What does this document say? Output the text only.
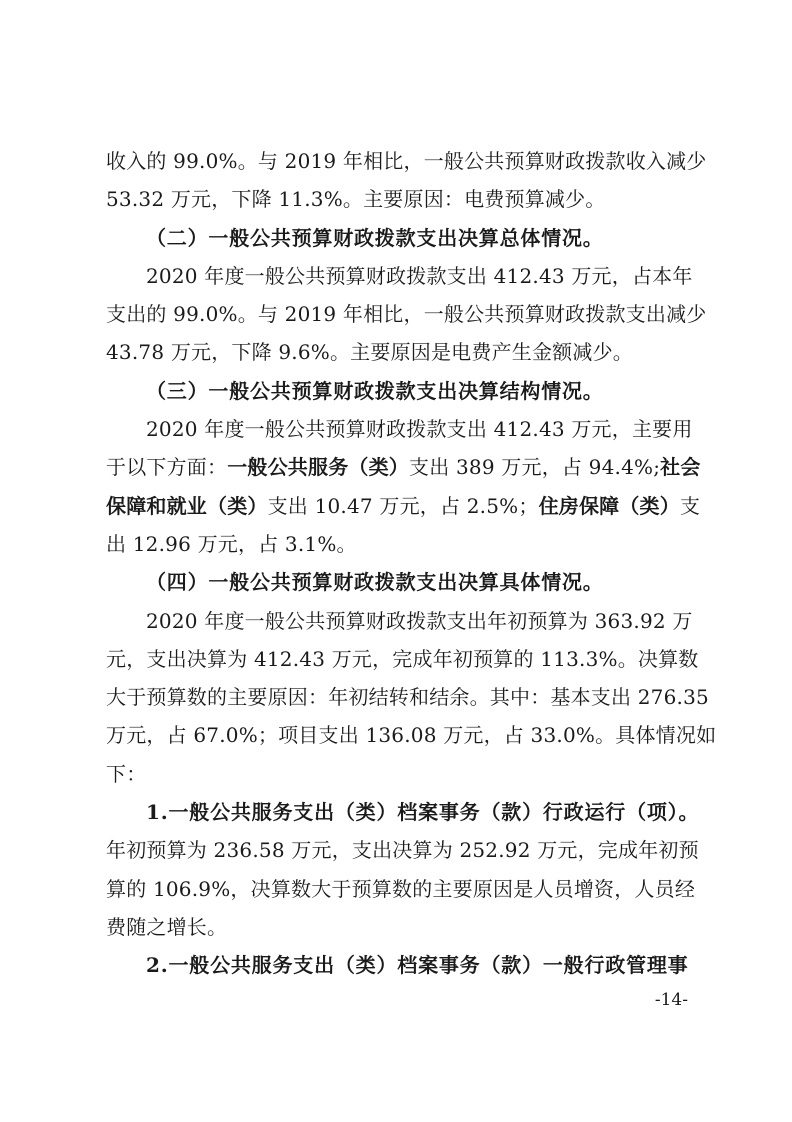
收入的 99.0%。与 2019 年相比，一般公共预算财政拨款收入减少
53.32 万元，下降 11.3%。主要原因：电费预算减少。
（二）一般公共预算财政拨款支出决算总体情况。
2020 年度一般公共预算财政拨款支出 412.43 万元，占本年
支出的 99.0%。与 2019 年相比，一般公共预算财政拨款支出减少
43.78 万元，下降 9.6%。主要原因是电费产生金额减少。
（三）一般公共预算财政拨款支出决算结构情况。
2020 年度一般公共预算财政拨款支出 412.43 万元，主要用
于以下方面：一般公共服务（类）支出 389 万元，占 94.4%;社会
保障和就业（类）支出 10.47 万元，占 2.5%；住房保障（类）支
出 12.96 万元，占 3.1%。
（四）一般公共预算财政拨款支出决算具体情况。
2020 年度一般公共预算财政拨款支出年初预算为 363.92 万
元，支出决算为 412.43 万元，完成年初预算的 113.3%。决算数
大于预算数的主要原因：年初结转和结余。其中：基本支出 276.35
万元，占 67.0%；项目支出 136.08 万元，占 33.0%。具体情况如
下：
1.一般公共服务支出（类）档案事务（款）行政运行（项）。
年初预算为 236.58 万元，支出决算为 252.92 万元，完成年初预
算的 106.9%，决算数大于预算数的主要原因是人员增资，人员经
费随之增长。
2.一般公共服务支出（类）档案事务（款）一般行政管理事
-14-
